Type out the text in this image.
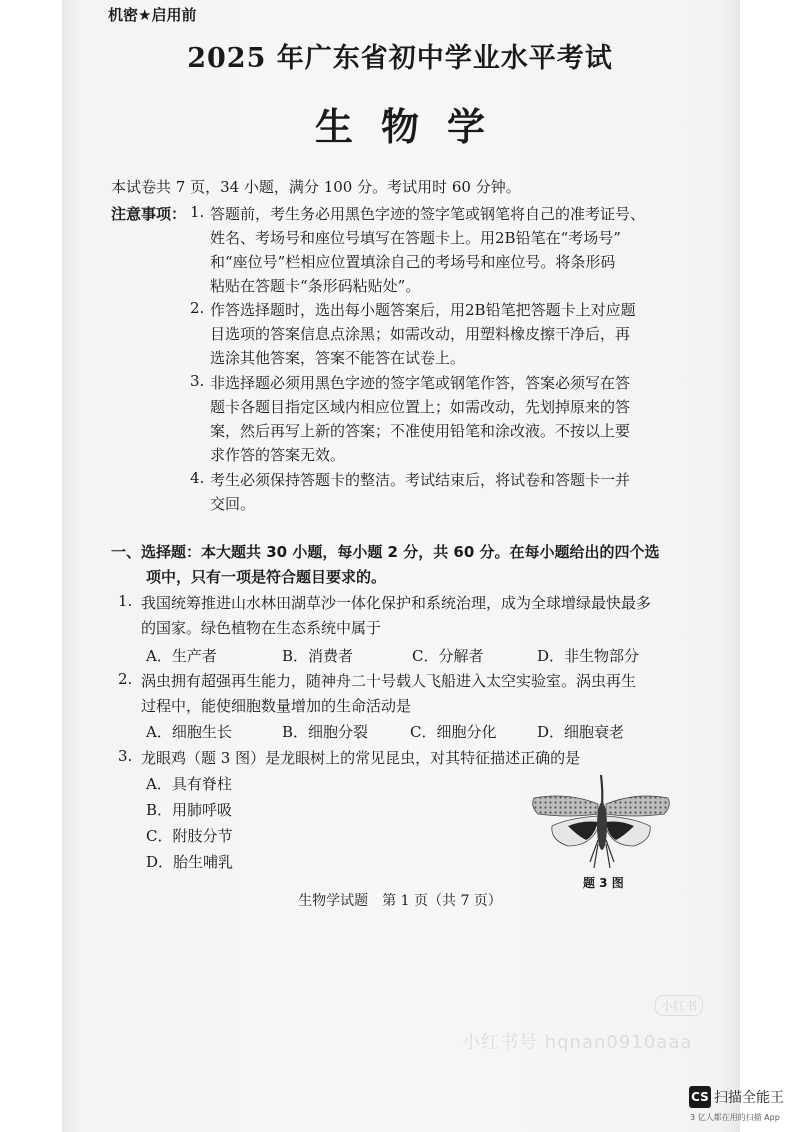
机密★启用前
2025 年广东省初中学业水平考试
生物学
本试卷共 7 页，34 小题，满分 100 分。考试用时 60 分钟。
注意事项： 1. 答题前，考生务必用黑色字迹的签字笔或钢笔将自己的准考证号、
姓名、考场号和座位号填写在答题卡上。用2B铅笔在“考场号”
和“座位号”栏相应位置填涂自己的考场号和座位号。将条形码
粘贴在答题卡“条形码粘贴处”。
2. 作答选择题时，选出每小题答案后，用2B铅笔把答题卡上对应题
目选项的答案信息点涂黑；如需改动，用塑料橡皮擦干净后，再
选涂其他答案，答案不能答在试卷上。
3. 非选择题必须用黑色字迹的签字笔或钢笔作答，答案必须写在答
题卡各题目指定区域内相应位置上；如需改动，先划掉原来的答
案，然后再写上新的答案；不准使用铅笔和涂改液。不按以上要
求作答的答案无效。
4. 考生必须保持答题卡的整洁。考试结束后，将试卷和答题卡一并
交回。
一、选择题：本大题共 30 小题，每小题 2 分，共 60 分。在每小题给出的四个选
项中，只有一项是符合题目要求的。
1. 我国统筹推进山水林田湖草沙一体化保护和系统治理，成为全球增绿最快最多
的国家。绿色植物在生态系统中属于
A．生产者	B．消费者	C．分解者	D．非生物部分
2. 涡虫拥有超强再生能力，随神舟二十号载人飞船进入太空实验室。涡虫再生
过程中，能使细胞数量增加的生命活动是
A．细胞生长	B．细胞分裂	C．细胞分化	D．细胞衰老
3. 龙眼鸡（题 3 图）是龙眼树上的常见昆虫，对其特征描述正确的是
A．具有脊柱
B．用肺呼吸
C．附肢分节
D．胎生哺乳
题 3 图
生物学试题　第 1 页（共 7 页）
小红书
小红书号 hqnan0910aaa
CS 扫描全能王
3 亿人都在用的扫描 App
